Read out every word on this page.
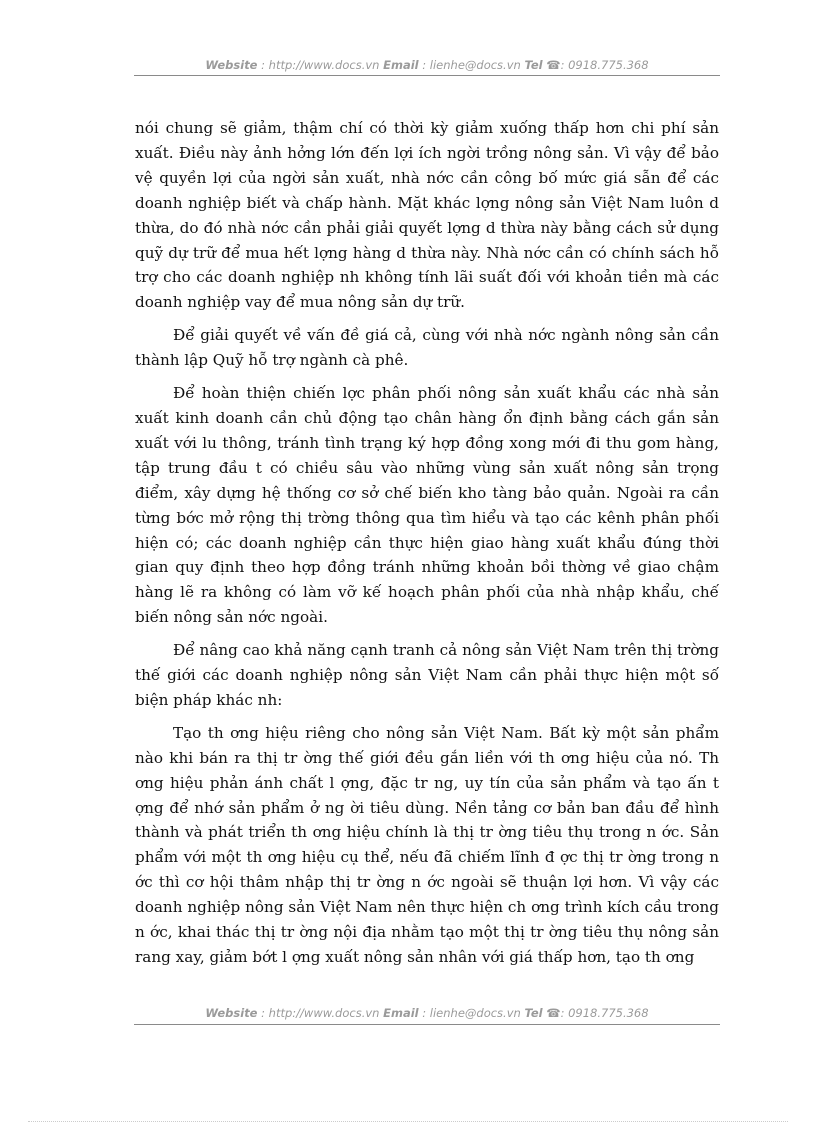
Website : http://www.docs.vn Email : lienhe@docs.vn Tel ☎: 0918.775.368

nói chung sẽ giảm, thậm chí có thời kỳ giảm xuống thấp hơn chi phí sản xuất. Điều này ảnh hởng lớn đến lợi ích ngời trồng nông sản. Vì vậy để bảo vệ quyền lợi của ngời sản xuất, nhà nớc cần công bố mức giá sẫn để các doanh nghiệp biết và chấp hành. Mặt khác lợng nông sản Việt Nam luôn d thừa, do đó nhà nớc cần phải giải quyết lợng d thừa này bằng cách sử dụng quỹ dự trữ để mua hết lợng hàng d thừa này. Nhà nớc cần có chính sách hỗ trợ cho các doanh nghiệp nh không tính lãi suất đối với khoản tiền mà các doanh nghiệp vay để mua nông sản dự trữ.

Để giải quyết về vấn đề giá cả, cùng với nhà nớc ngành nông sản cần thành lập Quỹ hỗ trợ ngành cà phê.

Để hoàn thiện chiến lợc phân phối nông sản xuất khẩu các nhà sản xuất kinh doanh cần chủ động tạo chân hàng ổn định bằng cách gắn sản xuất với lu thông, tránh tình trạng ký hợp đồng xong mới đi thu gom hàng, tập trung đầu t có chiều sâu vào những vùng sản xuất nông sản trọng điểm, xây dựng hệ thống cơ sở chế biến kho tàng bảo quản. Ngoài ra cần từng bớc mở rộng thị trờng thông qua tìm hiểu và tạo các kênh phân phối hiện có; các doanh nghiệp cần thực hiện giao hàng xuất khẩu đúng thời gian quy định theo hợp đồng tránh những khoản bồi thờng về giao chậm hàng lẽ ra không có làm vỡ kế hoạch phân phối của nhà nhập khẩu, chế biến nông sản nớc ngoài.

Để nâng cao khả năng cạnh tranh cả nông sản Việt Nam trên thị trờng thế giới các doanh nghiệp nông sản Việt Nam cần phải thực hiện một số biện pháp khác nh:

Tạo th ơng hiệu riêng cho nông sản Việt Nam. Bất kỳ một sản phẩm nào khi bán ra thị tr ờng thế giới đều gắn liền với th ơng hiệu của nó. Th ơng hiệu phản ánh chất l ợng, đặc tr ng, uy tín của sản phẩm và tạo ấn t ợng để nhớ sản phẩm ở ng ời tiêu dùng. Nền tảng cơ bản ban đầu để hình thành và phát triển th ơng hiệu chính là thị tr ờng tiêu thụ trong n ớc. Sản phẩm với một th ơng hiệu cụ thể, nếu đã chiếm lĩnh đ ợc thị tr ờng trong n ớc thì cơ hội thâm nhập thị tr ờng n ớc ngoài sẽ thuận lợi hơn. Vì vậy các doanh nghiệp nông sản Việt Nam nên thực hiện ch ơng trình kích cầu trong n ớc, khai thác thị tr ờng nội địa nhằm tạo một thị tr ờng tiêu thụ nông sản rang xay, giảm bớt l ợng xuất nông sản nhân với giá thấp hơn, tạo th ơng

Website : http://www.docs.vn Email : lienhe@docs.vn Tel ☎: 0918.775.368
